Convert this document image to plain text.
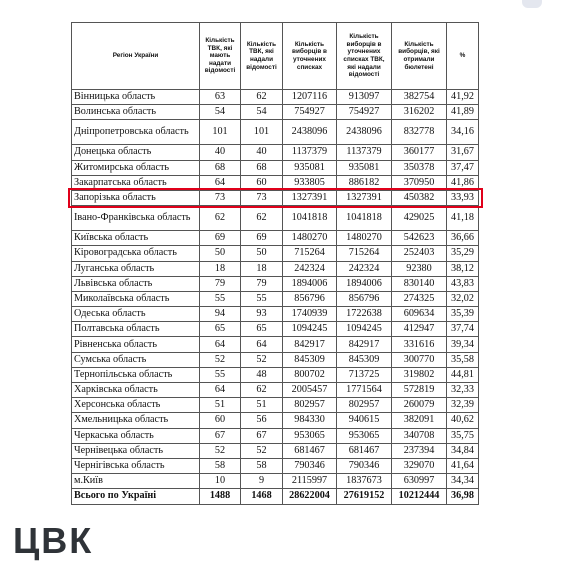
Регіон України	Кількість ТВК, які мають надати відомості	Кількість ТВК, які надали відомості	Кількість виборців в уточнених списках	Кількість виборців в уточнених списках ТВК, які надали відомості	Кількість виборців, які отримали бюлетені	%
Вінницька область	63	62	1207116	913097	382754	41,92
Волинська область	54	54	754927	754927	316202	41,89
Дніпропетровська область	101	101	2438096	2438096	832778	34,16
Донецька область	40	40	1137379	1137379	360177	31,67
Житомирська область	68	68	935081	935081	350378	37,47
Закарпатська область	64	60	933805	886182	370950	41,86
Запорізька область	73	73	1327391	1327391	450382	33,93
Івано-Франківська область	62	62	1041818	1041818	429025	41,18
Київська область	69	69	1480270	1480270	542623	36,66
Кіровоградська область	50	50	715264	715264	252403	35,29
Луганська область	18	18	242324	242324	92380	38,12
Львівська область	79	79	1894006	1894006	830140	43,83
Миколаївська область	55	55	856796	856796	274325	32,02
Одеська область	94	93	1740939	1722638	609634	35,39
Полтавська область	65	65	1094245	1094245	412947	37,74
Рівненська область	64	64	842917	842917	331616	39,34
Сумська область	52	52	845309	845309	300770	35,58
Тернопільська область	55	48	800702	713725	319802	44,81
Харківська область	64	62	2005457	1771564	572819	32,33
Херсонська область	51	51	802957	802957	260079	32,39
Хмельницька область	60	56	984330	940615	382091	40,62
Черкаська область	67	67	953065	953065	340708	35,75
Чернівецька область	52	52	681467	681467	237394	34,84
Чернігівська область	58	58	790346	790346	329070	41,64
м.Київ	10	9	2115997	1837673	630997	34,34
Всього по Україні	1488	1468	28622004	27619152	10212444	36,98
ЦВК
